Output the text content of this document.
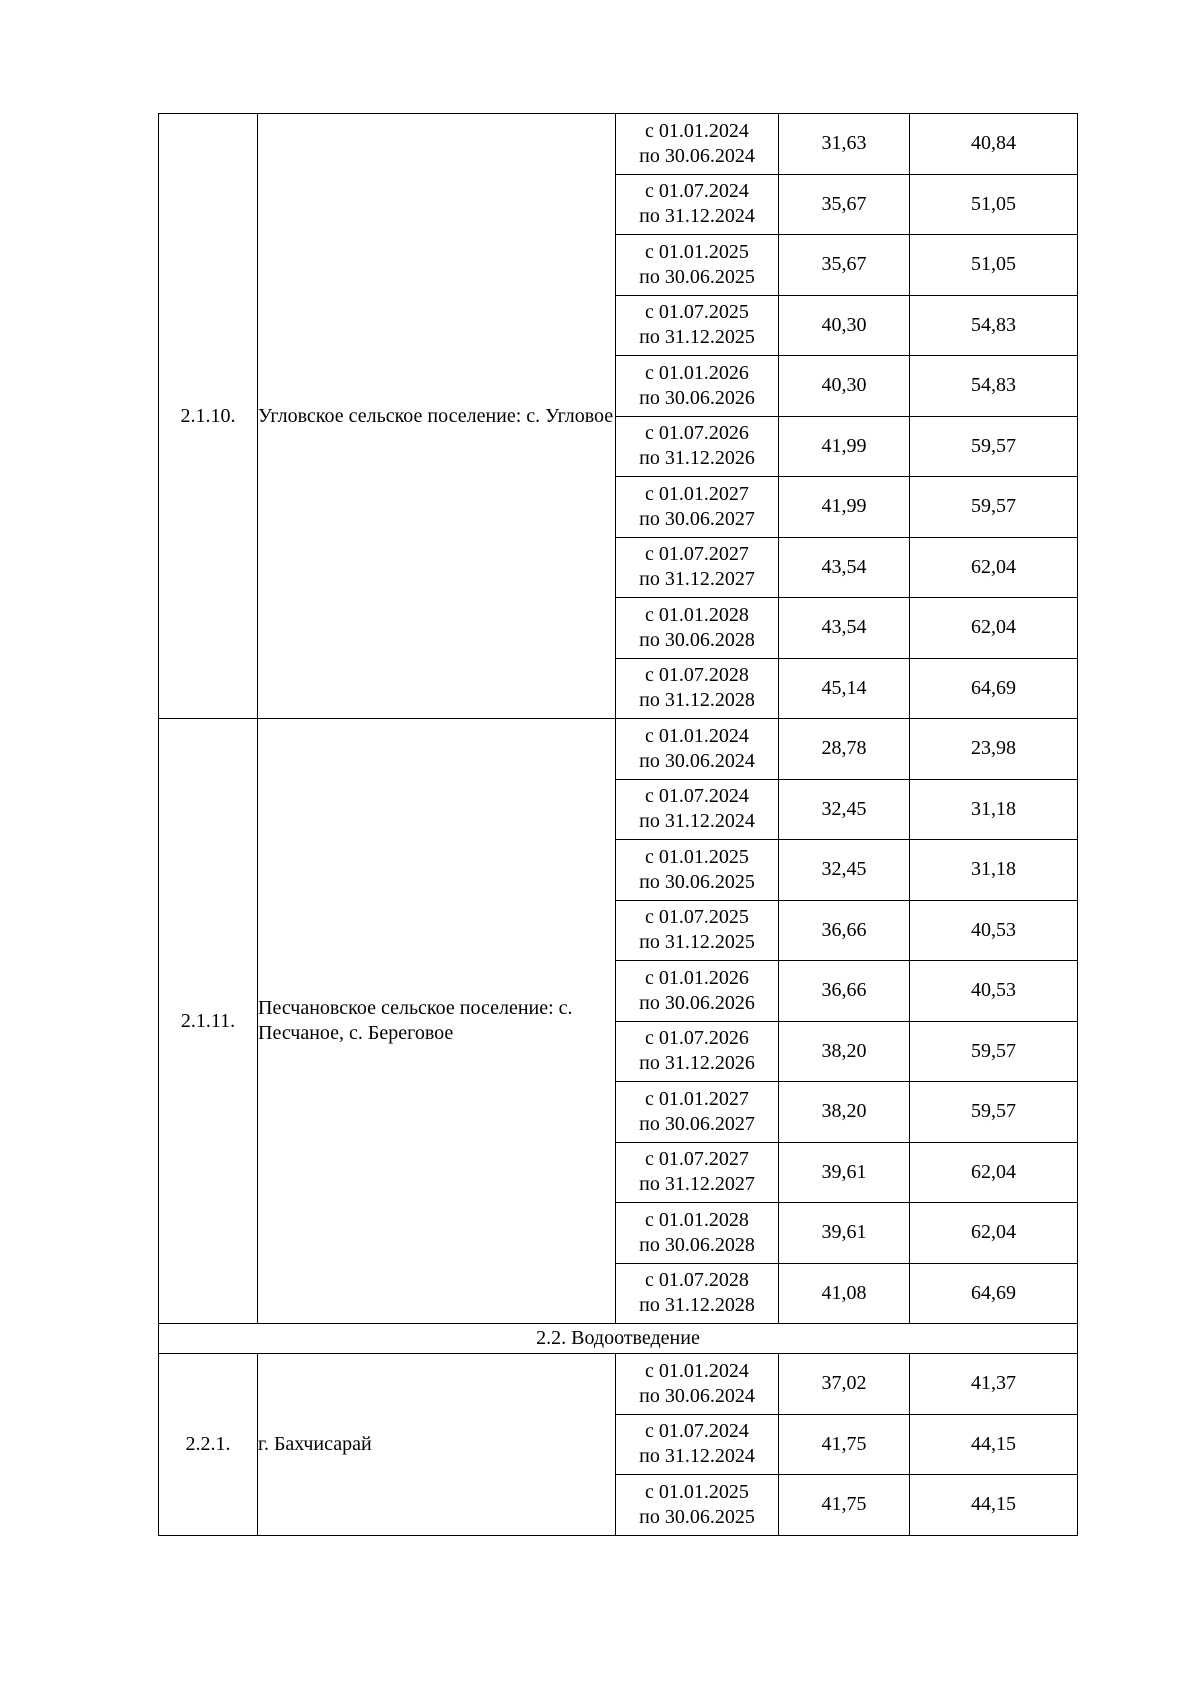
2.1.10.	Угловское сельское поселение: с. Угловое	с 01.01.2024
по 30.06.2024	31,63	40,84

		с 01.07.2024
по 31.12.2024	35,67	51,05

		с 01.01.2025
по 30.06.2025	35,67	51,05

		с 01.07.2025
по 31.12.2025	40,30	54,83

		с 01.01.2026
по 30.06.2026	40,30	54,83

		с 01.07.2026
по 31.12.2026	41,99	59,57

		с 01.01.2027
по 30.06.2027	41,99	59,57

		с 01.07.2027
по 31.12.2027	43,54	62,04

		с 01.01.2028
по 30.06.2028	43,54	62,04

		с 01.07.2028
по 31.12.2028	45,14	64,69
2.1.11.	Песчановское сельское поселение: с. Песчаное, с. Береговое	с 01.01.2024
по 30.06.2024	28,78	23,98

		с 01.07.2024
по 31.12.2024	32,45	31,18

		с 01.01.2025
по 30.06.2025	32,45	31,18

		с 01.07.2025
по 31.12.2025	36,66	40,53

		с 01.01.2026
по 30.06.2026	36,66	40,53

		с 01.07.2026
по 31.12.2026	38,20	59,57

		с 01.01.2027
по 30.06.2027	38,20	59,57

		с 01.07.2027
по 31.12.2027	39,61	62,04

		с 01.01.2028
по 30.06.2028	39,61	62,04

		с 01.07.2028
по 31.12.2028	41,08	64,69
2.2. Водоотведение				
2.2.1.	г. Бахчисарай	с 01.01.2024
по 30.06.2024	37,02	41,37

		с 01.07.2024
по 31.12.2024	41,75	44,15

		с 01.01.2025
по 30.06.2025	41,75	44,15
